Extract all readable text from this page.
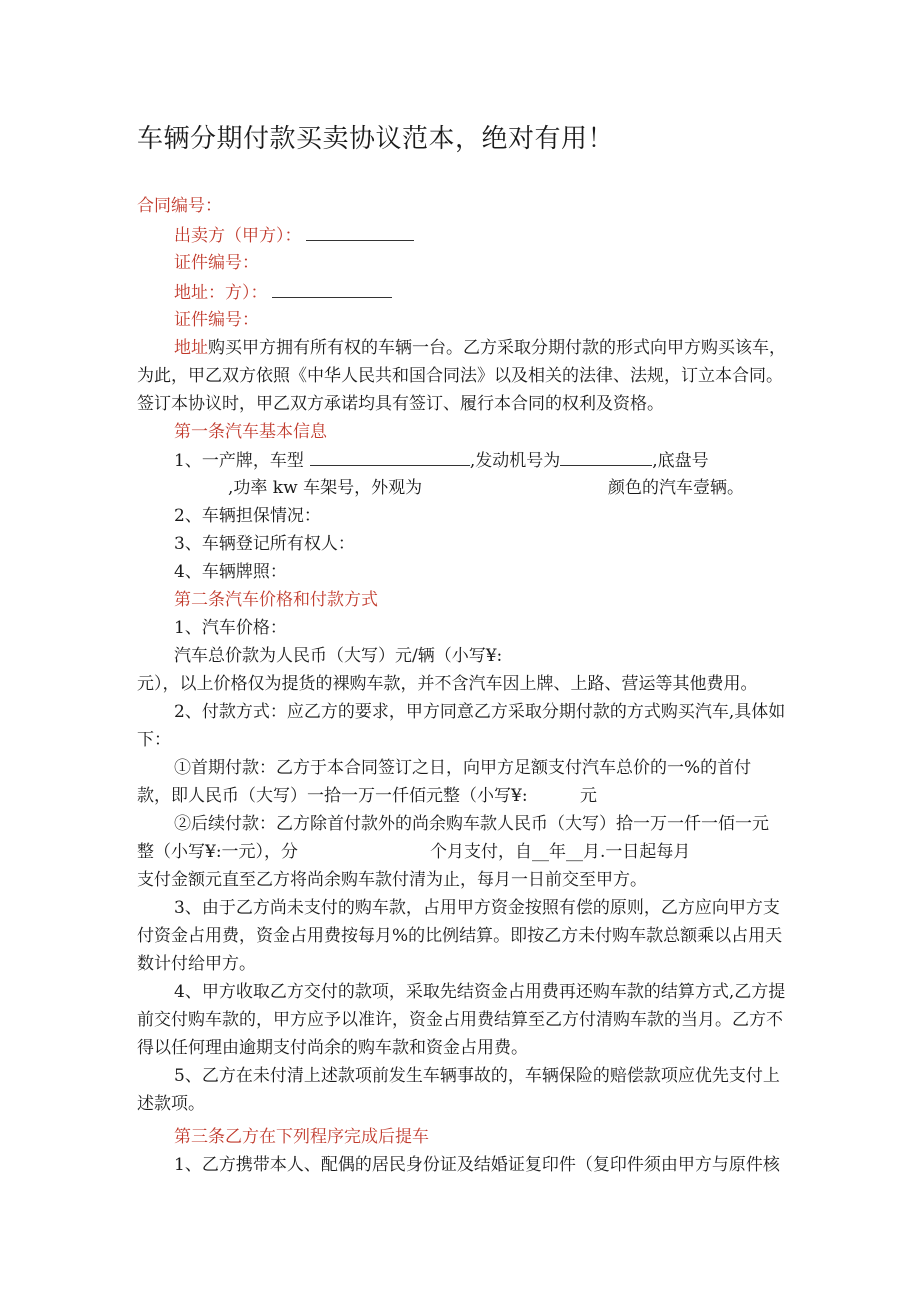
车辆分期付款买卖协议范本，绝对有用！
合同编号：
出卖方（甲方）：
证件编号：
地址：方）：
证件编号：
地址购买甲方拥有所有权的车辆一台。乙方采取分期付款的形式向甲方购买该车，
为此，甲乙双方依照《中华人民共和国合同法》以及相关的法律、法规，订立本合同。
签订本协议时，甲乙双方承诺均具有签订、履行本合同的权利及资格。
第一条汽车基本信息
1、一产牌，车型	,发动机号为	,底盘号
,功率 kw 车架号，外观为	颜色的汽车壹辆。
2、车辆担保情况：
3、车辆登记所有权人：
4、车辆牌照：
第二条汽车价格和付款方式
1、汽车价格：
汽车总价款为人民币（大写）元/辆（小写¥:
元），以上价格仅为提货的裸购车款，并不含汽车因上牌、上路、营运等其他费用。
2、付款方式：应乙方的要求，甲方同意乙方采取分期付款的方式购买汽车,具体如
下：
①首期付款：乙方于本合同签订之日，向甲方足额支付汽车总价的一%的首付
款，即人民币（大写）一拾一万一仟佰元整（小写¥:	元
②后续付款：乙方除首付款外的尚余购车款人民币（大写）拾一万一仟一佰一元
整（小写¥:一元），分	个月支付，自__年__月.一日起每月
支付金额元直至乙方将尚余购车款付清为止，每月一日前交至甲方。
3、由于乙方尚未支付的购车款，占用甲方资金按照有偿的原则，乙方应向甲方支
付资金占用费，资金占用费按每月%的比例结算。即按乙方未付购车款总额乘以占用天
数计付给甲方。
4、甲方收取乙方交付的款项，采取先结资金占用费再还购车款的结算方式,乙方提
前交付购车款的，甲方应予以准许，资金占用费结算至乙方付清购车款的当月。乙方不
得以任何理由逾期支付尚余的购车款和资金占用费。
5、乙方在未付清上述款项前发生车辆事故的，车辆保险的赔偿款项应优先支付上
述款项。
第三条乙方在下列程序完成后提车
1、乙方携带本人、配偶的居民身份证及结婚证复印件（复印件须由甲方与原件核
